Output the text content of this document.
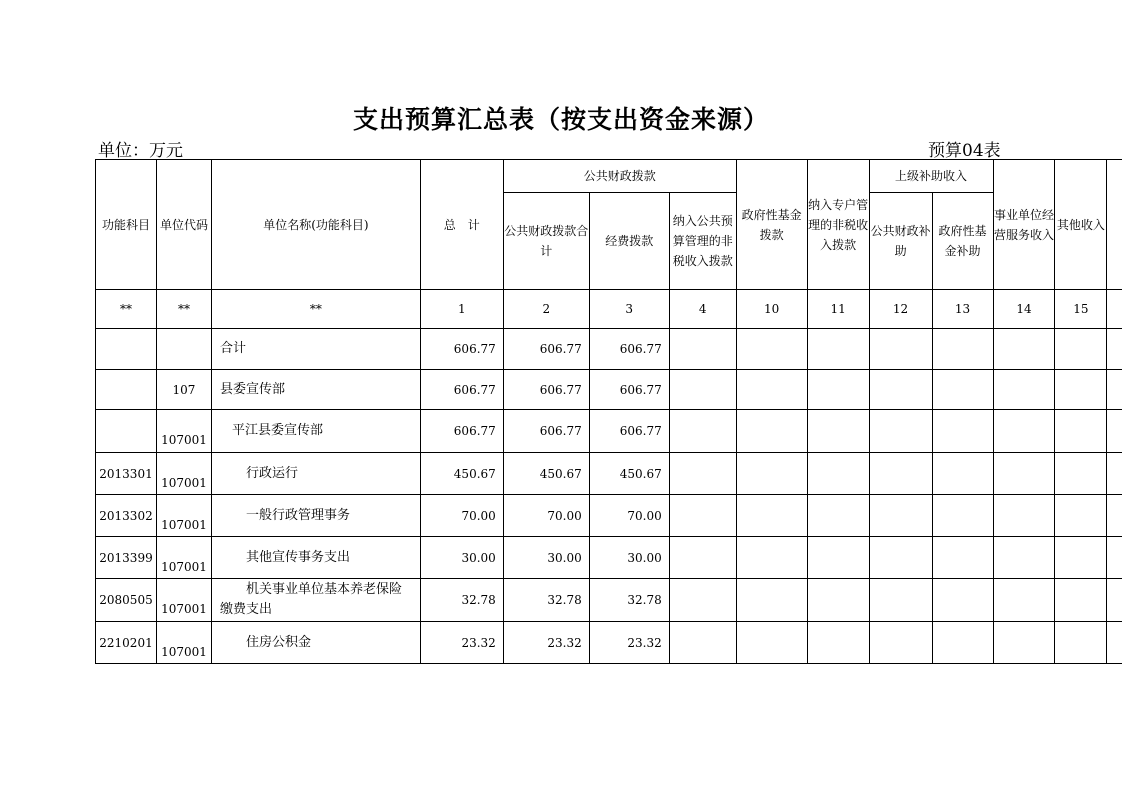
支出预算汇总表（按支出资金来源）
单位：万元	预算04表
功能科目	单位代码	单位名称(功能科目)	总　计	公共财政拨款			政府性基金拨款	纳入专户管理的非税收入拨款	上级补助收入		事业单位经营服务收入	其他收入	
				公共财政拨款合计	经费拨款	纳入公共预算管理的非税收入拨款			公共财政补助	政府性基金补助			
**	**	**	1	2	3	4	10	11	12	13	14	15	
		合计	606.77	606.77	606.77								
	107	县委宣传部	606.77	606.77	606.77								

	107001	平江县委宣传部	606.77	606.77	606.77								
2013301	107001	行政运行	450.67	450.67	450.67								
2013302	107001	一般行政管理事务	70.00	70.00	70.00								
2013399	107001	其他宣传事务支出	30.00	30.00	30.00								
2080505	107001	机关事业单位基本养老保险缴费支出	32.78	32.78	32.78								
2210201	107001	住房公积金	23.32	23.32	23.32								
